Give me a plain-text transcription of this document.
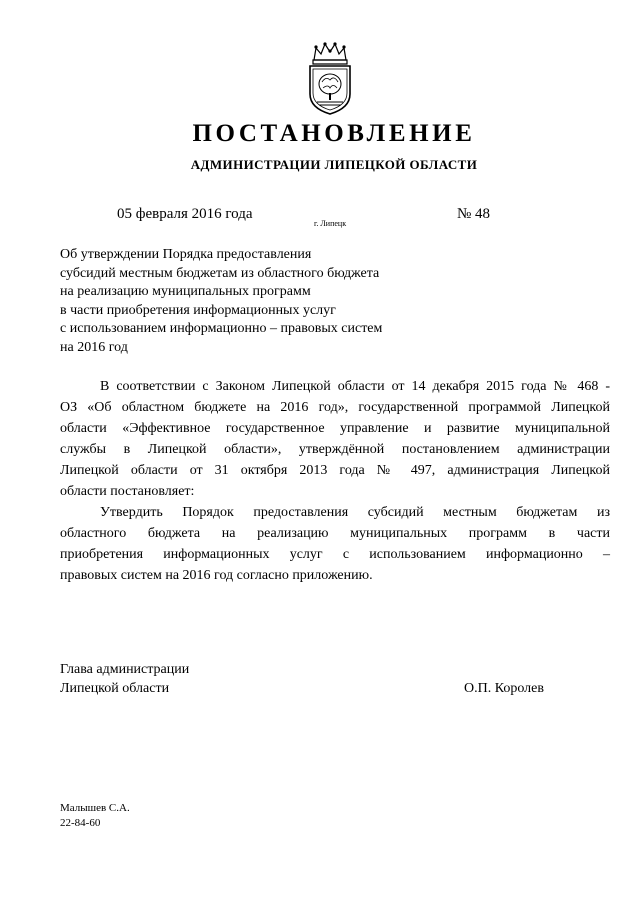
ПОСТАНОВЛЕНИЕ
АДМИНИСТРАЦИИ ЛИПЕЦКОЙ ОБЛАСТИ
05 февраля 2016 года
г. Липецк
№ 48
Об утверждении Порядка предоставления
субсидий местным бюджетам из областного бюджета
на реализацию муниципальных программ
в части приобретения информационных услуг
с использованием информационно – правовых систем
на 2016 год
В соответствии с Законом Липецкой области от 14 декабря 2015 года № 468 -
ОЗ «Об областном бюджете на 2016 год», государственной программой Липецкой
области «Эффективное государственное управление и развитие муниципальной
службы в Липецкой области», утверждённой постановлением администрации
Липецкой области от 31 октября 2013 года № 497, администрация Липецкой
области постановляет:
Утвердить Порядок предоставления субсидий местным бюджетам из
областного бюджета на реализацию муниципальных программ в части
приобретения информационных услуг с использованием информационно –
правовых систем на 2016 год согласно приложению.
Глава администрации
Липецкой области	О.П. Королев
Малышев С.А.
22-84-60
